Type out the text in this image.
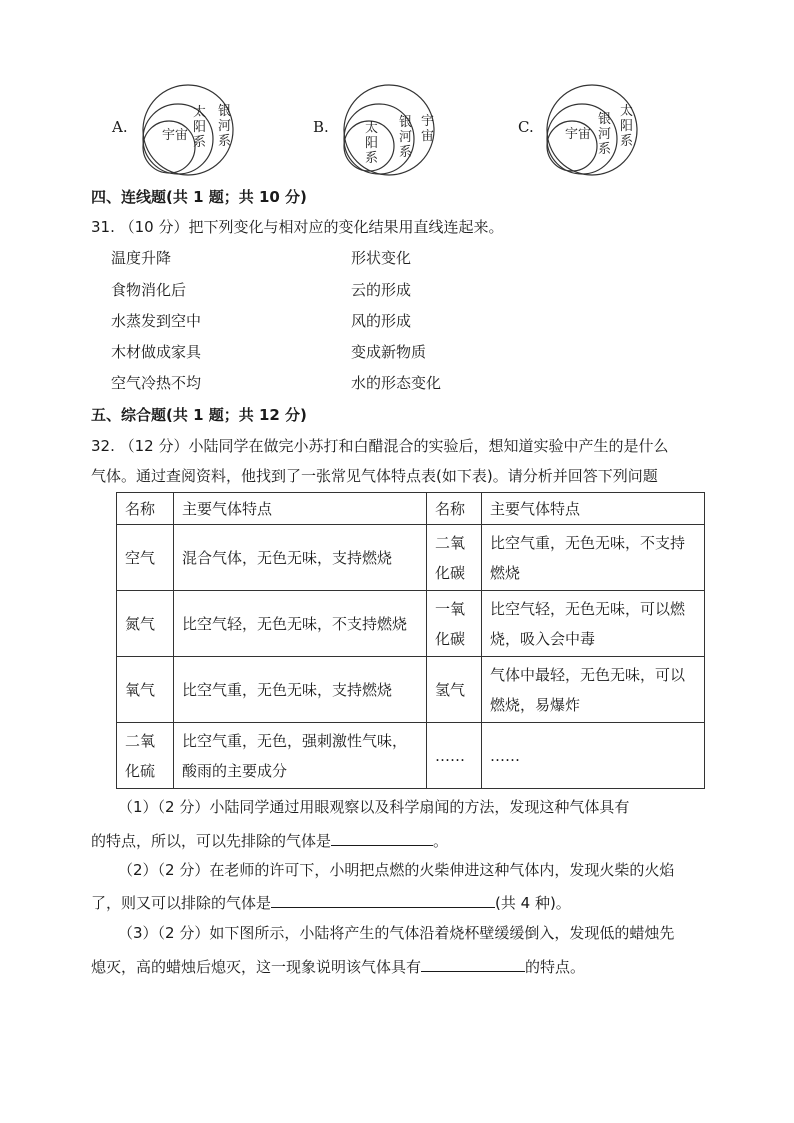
A.
银河系
太阳系
宇宙	B.	宇宙
银河系
太阳系
C.
太阳系
银河系
宇宙
四、连线题(共 1 题；共 10 分)
31. （10 分）把下列变化与相对应的变化结果用直线连起来。
温度升降
食物消化后
水蒸发到空中
木材做成家具
空气冷热不均
形状变化
云的形成
风的形成
变成新物质
水的形态变化
五、综合题(共 1 题；共 12 分)
32. （12 分）小陆同学在做完小苏打和白醋混合的实验后，想知道实验中产生的是什么
气体。通过查阅资料，他找到了一张常见气体特点表(如下表)。请分析并回答下列问题
名称	主要气体特点	名称	主要气体特点
空气	混合气体，无色无味，支持燃烧	二氧化碳	比空气重，无色无味，不支持燃烧
氮气	比空气轻，无色无味，不支持燃烧	一氧化碳	比空气轻，无色无味，可以燃烧，吸入会中毒
氧气	比空气重，无色无味，支持燃烧	氢气	气体中最轻，无色无味，可以燃烧，易爆炸
二氧化硫	比空气重，无色，强刺激性气味，酸雨的主要成分	……	……
（1）（2 分）小陆同学通过用眼观察以及科学扇闻的方法，发现这种气体具有
的特点，所以，可以先排除的气体是	。
（2）（2 分）在老师的许可下，小明把点燃的火柴伸进这种气体内，发现火柴的火焰
了，则又可以排除的气体是	(共 4 种)。
（3）（2 分）如下图所示，小陆将产生的气体沿着烧杯壁缓缓倒入，发现低的蜡烛先
熄灭，高的蜡烛后熄灭，这一现象说明该气体具有	的特点。
